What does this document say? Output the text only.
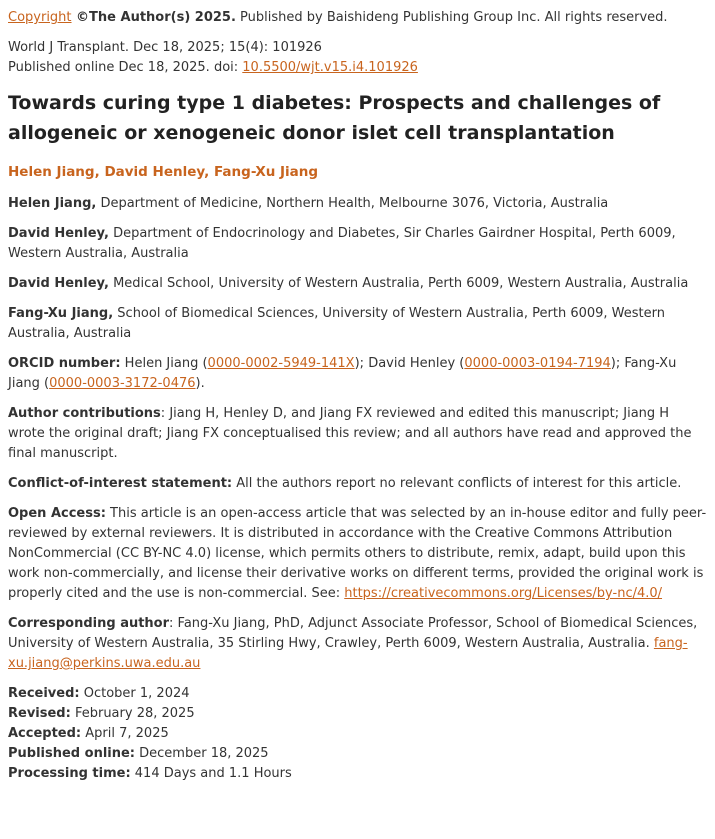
Copyright ©The Author(s) 2025. Published by Baishideng Publishing Group Inc. All rights reserved.

World J Transplant. Dec 18, 2025; 15(4): 101926
Published online Dec 18, 2025. doi: 10.5500/wjt.v15.i4.101926

Towards curing type 1 diabetes: Prospects and challenges of allogeneic or xenogeneic donor islet cell transplantation
Helen Jiang, David Henley, Fang-Xu Jiang

Helen Jiang, Department of Medicine, Northern Health, Melbourne 3076, Victoria, Australia

David Henley, Department of Endocrinology and Diabetes, Sir Charles Gairdner Hospital, Perth 6009, Western Australia, Australia

David Henley, Medical School, University of Western Australia, Perth 6009, Western Australia, Australia

Fang-Xu Jiang, School of Biomedical Sciences, University of Western Australia, Perth 6009, Western Australia, Australia

ORCID number: Helen Jiang (0000-0002-5949-141X); David Henley (0000-0003-0194-7194); Fang-Xu Jiang (0000-0003-3172-0476).

Author contributions: Jiang H, Henley D, and Jiang FX reviewed and edited this manuscript; Jiang H wrote the original draft; Jiang FX conceptualised this review; and all authors have read and approved the final manuscript.

Conflict-of-interest statement: All the authors report no relevant conflicts of interest for this article.

Open Access: This article is an open-access article that was selected by an in-house editor and fully peer-reviewed by external reviewers. It is distributed in accordance with the Creative Commons Attribution NonCommercial (CC BY-NC 4.0) license, which permits others to distribute, remix, adapt, build upon this work non-commercially, and license their derivative works on different terms, provided the original work is properly cited and the use is non-commercial. See: https://creativecommons.org/Licenses/by-nc/4.0/

Corresponding author: Fang-Xu Jiang, PhD, Adjunct Associate Professor, School of Biomedical Sciences, University of Western Australia, 35 Stirling Hwy, Crawley, Perth 6009, Western Australia, Australia. fang-xu.jiang@perkins.uwa.edu.au

Received: October 1, 2024

Revised: February 28, 2025

Accepted: April 7, 2025

Published online: December 18, 2025

Processing time: 414 Days and 1.1 Hours
